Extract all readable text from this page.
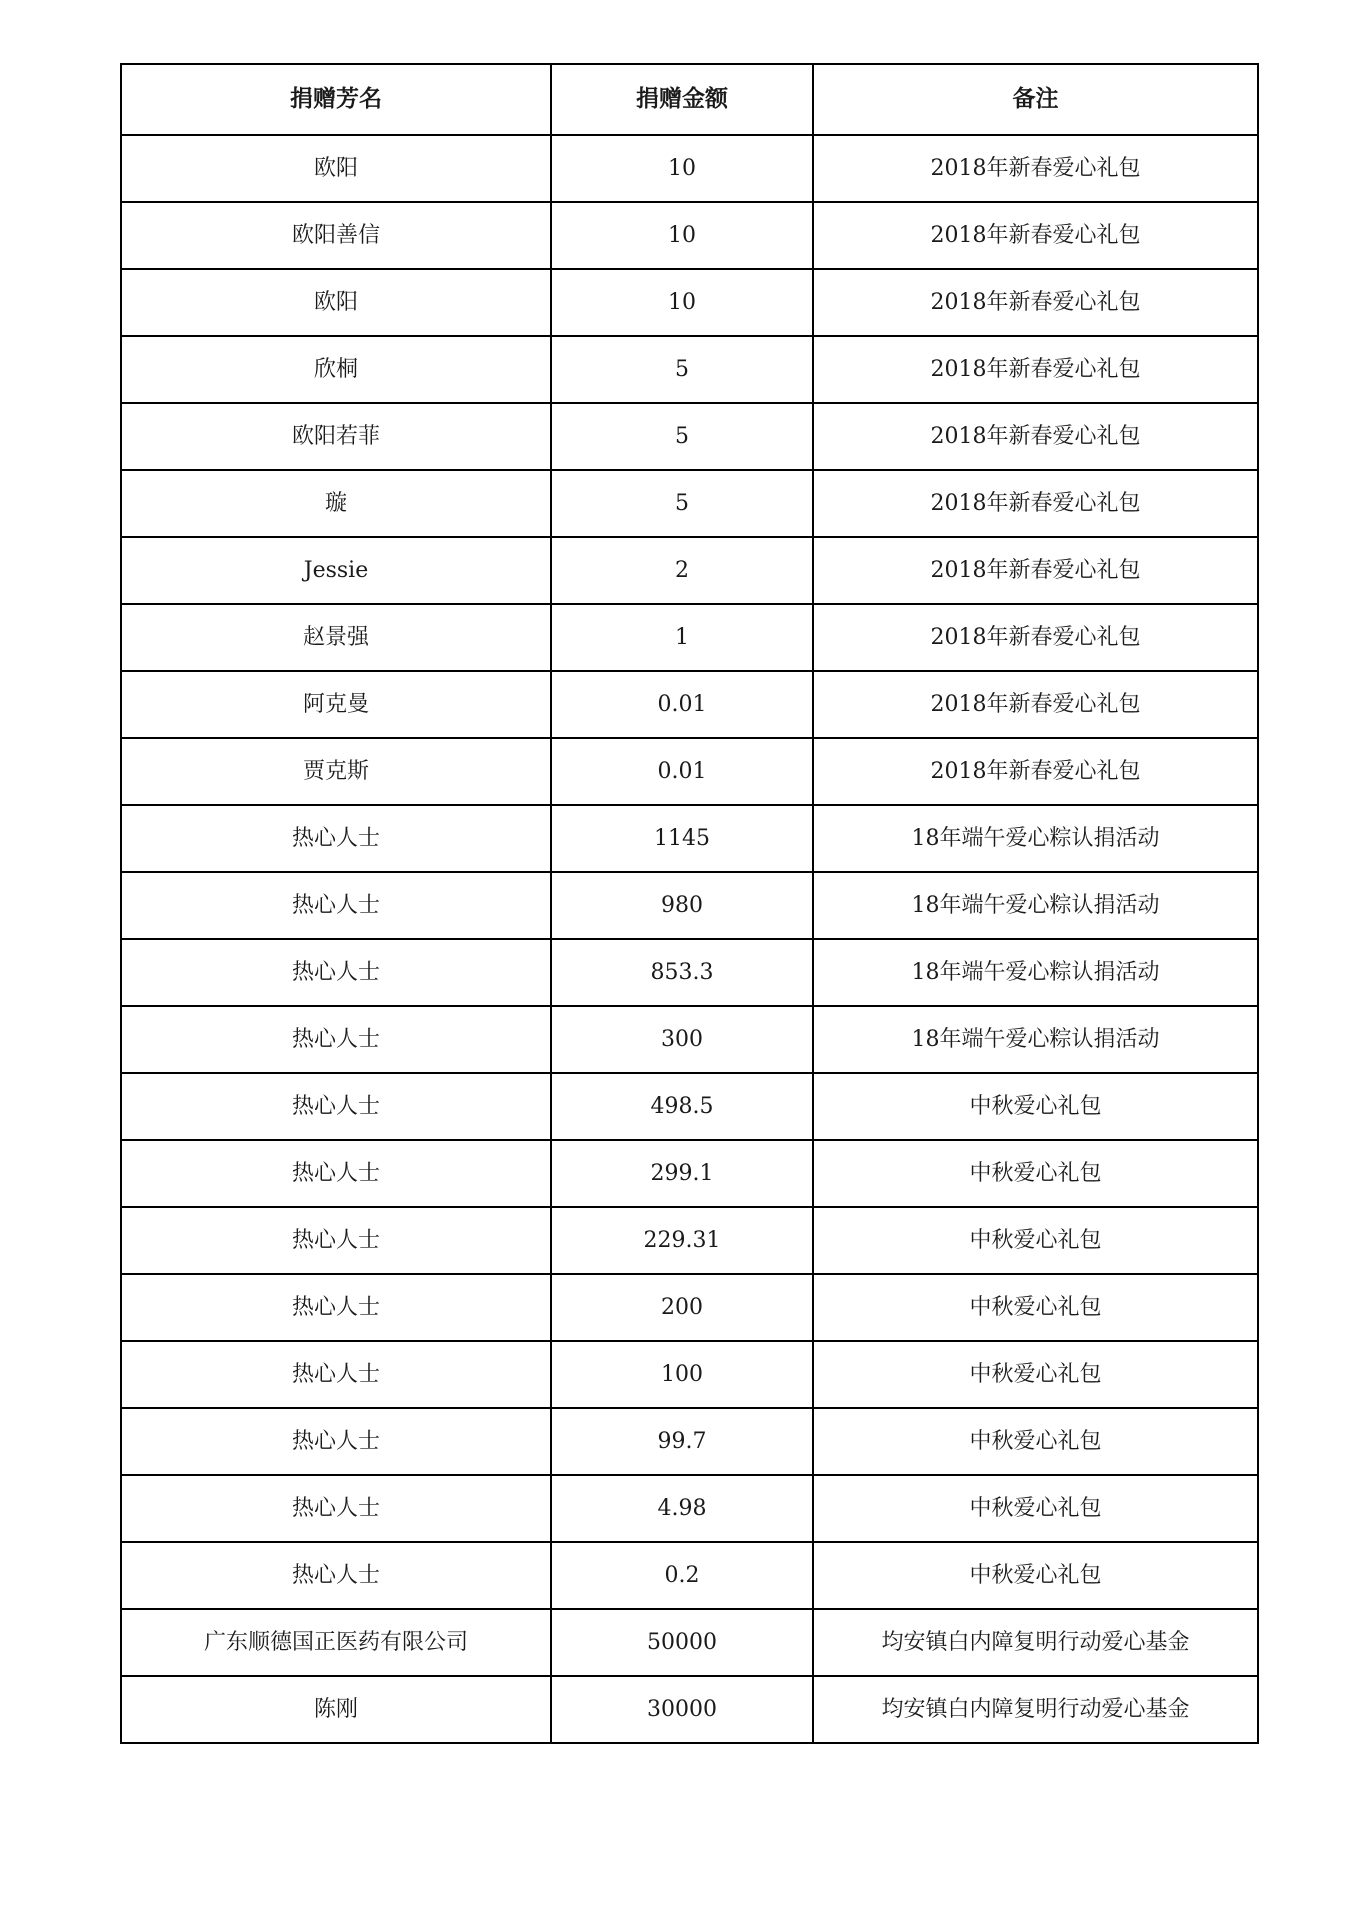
捐赠芳名	捐赠金额	备注
欧阳	10	2018年新春爱心礼包
欧阳善信	10	2018年新春爱心礼包
欧阳	10	2018年新春爱心礼包
欣桐	5	2018年新春爱心礼包
欧阳若菲	5	2018年新春爱心礼包
璇	5	2018年新春爱心礼包
Jessie	2	2018年新春爱心礼包
赵景强	1	2018年新春爱心礼包
阿克曼	0.01	2018年新春爱心礼包
贾克斯	0.01	2018年新春爱心礼包
热心人士	1145	18年端午爱心粽认捐活动
热心人士	980	18年端午爱心粽认捐活动
热心人士	853.3	18年端午爱心粽认捐活动
热心人士	300	18年端午爱心粽认捐活动
热心人士	498.5	中秋爱心礼包
热心人士	299.1	中秋爱心礼包
热心人士	229.31	中秋爱心礼包
热心人士	200	中秋爱心礼包
热心人士	100	中秋爱心礼包
热心人士	99.7	中秋爱心礼包
热心人士	4.98	中秋爱心礼包
热心人士	0.2	中秋爱心礼包
广东顺德国正医药有限公司	50000	均安镇白内障复明行动爱心基金
陈刚	30000	均安镇白内障复明行动爱心基金
